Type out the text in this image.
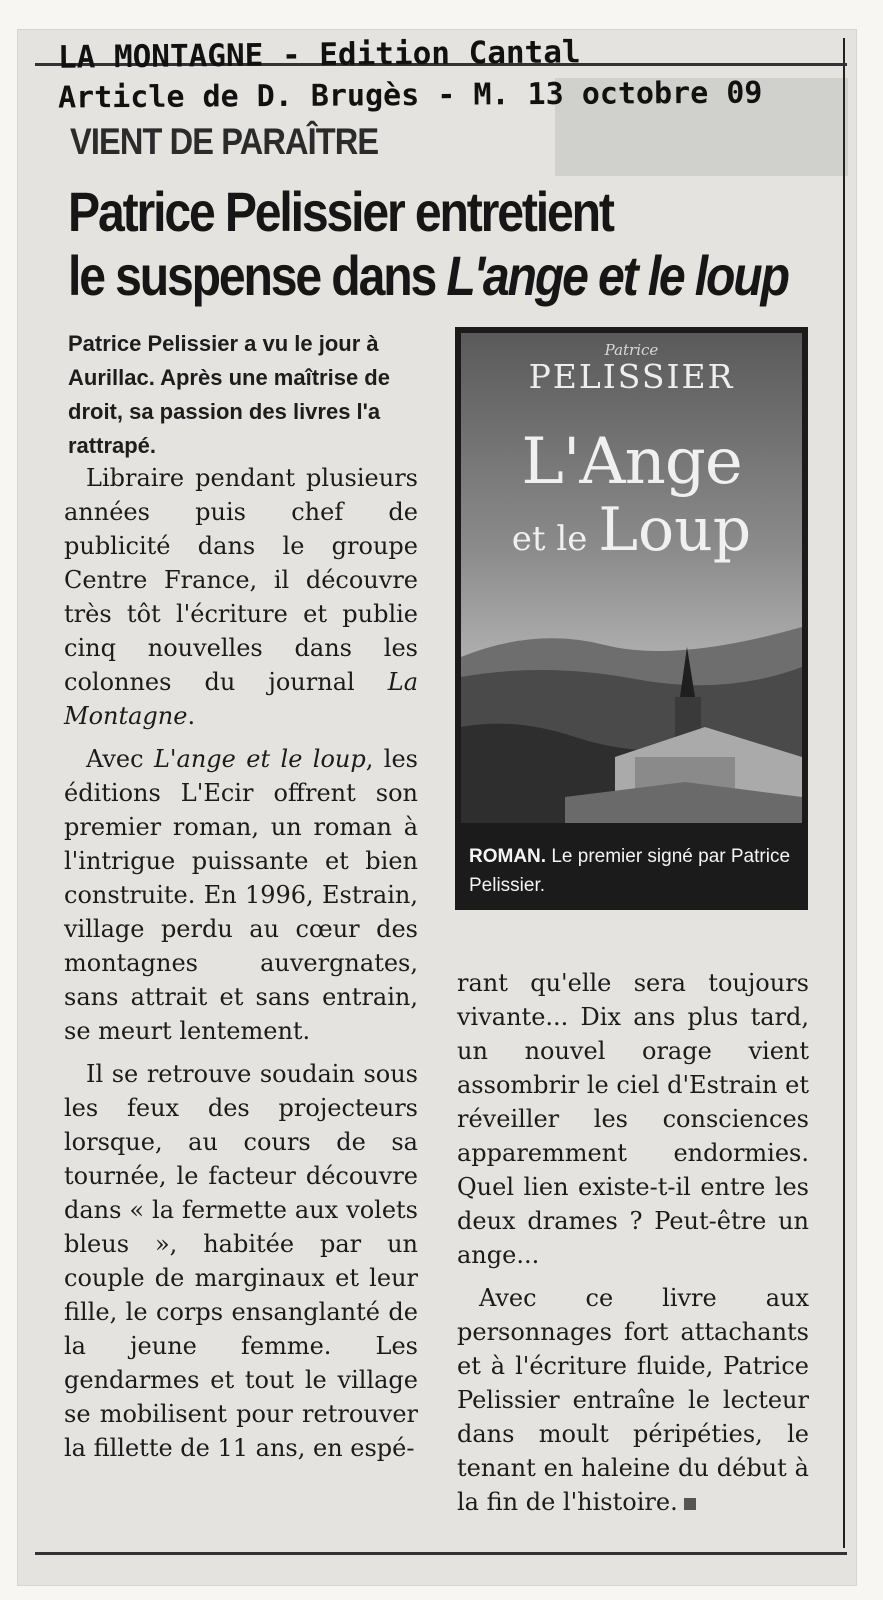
LA MONTAGNE - Edition Cantal
Article de D. Brugès - M. 13 octobre 09
VIENT DE PARAÎTRE
Patrice Pelissier entretient
le suspense dans L'ange et le loup
Patrice Pelissier a vu le jour à Aurillac. Après une maîtrise de droit, sa passion des livres l'a rattrapé.

Libraire pendant plusieurs années puis chef de publicité dans le groupe Centre France, il découvre très tôt l'écriture et publie cinq nouvelles dans les colonnes du journal La Montagne.

Avec L'ange et le loup, les éditions L'Ecir offrent son premier roman, un roman à l'intrigue puissante et bien construite. En 1996, Estrain, village perdu au cœur des montagnes auvergnates, sans attrait et sans entrain, se meurt lentement.

Il se retrouve soudain sous les feux des projecteurs lorsque, au cours de sa tournée, le facteur découvre dans « la fermette aux volets bleus », habitée par un couple de marginaux et leur fille, le corps ensanglanté de la jeune femme. Les gendarmes et tout le village se mobilisent pour retrouver la fillette de 11 ans, en espé-

Patrice
PELISSIER
L'Ange
et le Loup
ROMAN. Le premier signé par Patrice Pelissier.

rant qu'elle sera toujours vivante... Dix ans plus tard, un nouvel orage vient assombrir le ciel d'Estrain et réveiller les consciences apparemment endormies. Quel lien existe-t-il entre les deux drames ? Peut-être un ange...

Avec ce livre aux personnages fort attachants et à l'écriture fluide, Patrice Pelissier entraîne le lecteur dans moult péripéties, le tenant en haleine du début à la fin de l'histoire.
